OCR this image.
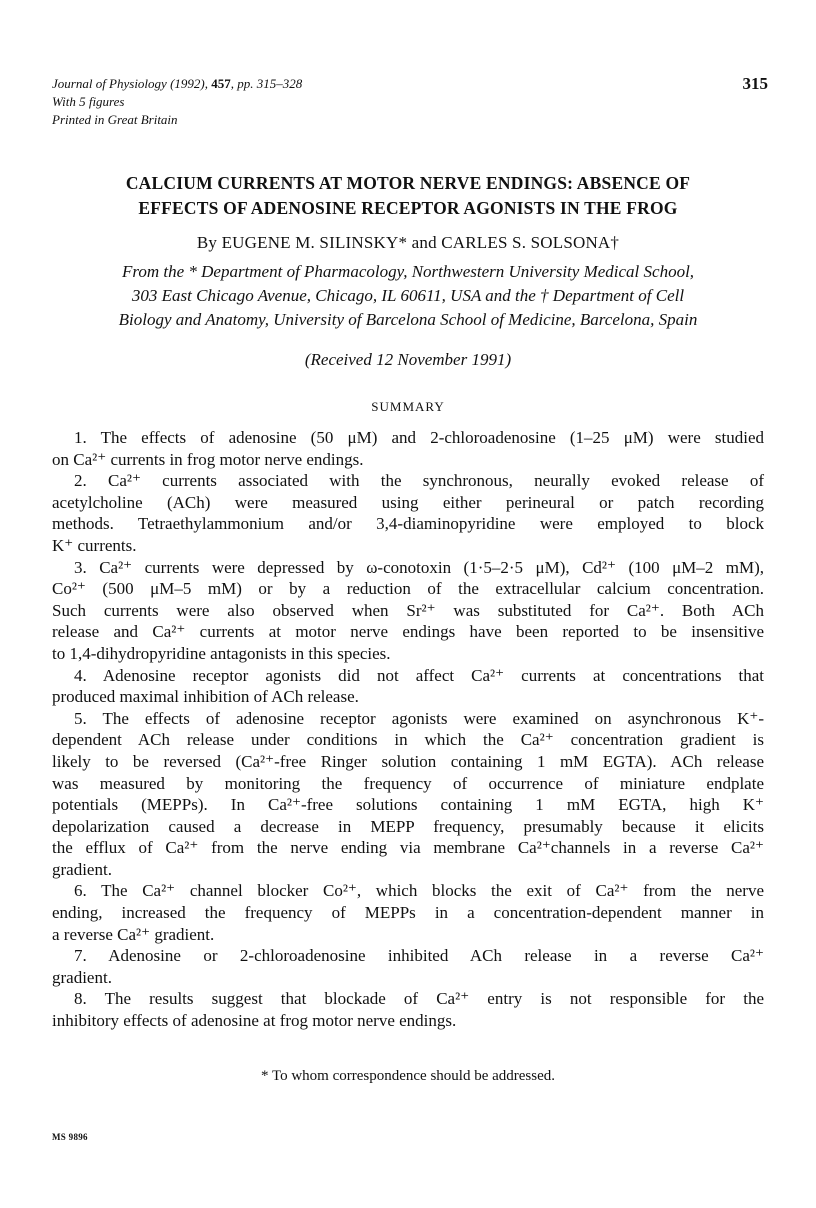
Journal of Physiology (1992), 457, pp. 315–328
With 5 figures
Printed in Great Britain
315
CALCIUM CURRENTS AT MOTOR NERVE ENDINGS: ABSENCE OF
EFFECTS OF ADENOSINE RECEPTOR AGONISTS IN THE FROG
By EUGENE M. SILINSKY* and CARLES S. SOLSONA†
From the * Department of Pharmacology, Northwestern University Medical School,
303 East Chicago Avenue, Chicago, IL 60611, USA and the † Department of Cell
Biology and Anatomy, University of Barcelona School of Medicine, Barcelona, Spain
(Received 12 November 1991)
SUMMARY
1. The effects of adenosine (50 μM) and 2-chloroadenosine (1–25 μM) were studied
on Ca²⁺ currents in frog motor nerve endings.
2. Ca²⁺ currents associated with the synchronous, neurally evoked release of
acetylcholine (ACh) were measured using either perineural or patch recording
methods. Tetraethylammonium and/or 3,4-diaminopyridine were employed to block
K⁺ currents.
3. Ca²⁺ currents were depressed by ω-conotoxin (1·5–2·5 μM), Cd²⁺ (100 μM–2 mM),
Co²⁺ (500 μM–5 mM) or by a reduction of the extracellular calcium concentration.
Such currents were also observed when Sr²⁺ was substituted for Ca²⁺. Both ACh
release and Ca²⁺ currents at motor nerve endings have been reported to be insensitive
to 1,4-dihydropyridine antagonists in this species.
4. Adenosine receptor agonists did not affect Ca²⁺ currents at concentrations that
produced maximal inhibition of ACh release.
5. The effects of adenosine receptor agonists were examined on asynchronous K⁺-
dependent ACh release under conditions in which the Ca²⁺ concentration gradient is
likely to be reversed (Ca²⁺-free Ringer solution containing 1 mM EGTA). ACh release
was measured by monitoring the frequency of occurrence of miniature endplate
potentials (MEPPs). In Ca²⁺-free solutions containing 1 mM EGTA, high K⁺
depolarization caused a decrease in MEPP frequency, presumably because it elicits
the efflux of Ca²⁺ from the nerve ending via membrane Ca²⁺channels in a reverse Ca²⁺
gradient.
6. The Ca²⁺ channel blocker Co²⁺, which blocks the exit of Ca²⁺ from the nerve
ending, increased the frequency of MEPPs in a concentration-dependent manner in
a reverse Ca²⁺ gradient.
7. Adenosine or 2-chloroadenosine inhibited ACh release in a reverse Ca²⁺
gradient.
8. The results suggest that blockade of Ca²⁺ entry is not responsible for the
inhibitory effects of adenosine at frog motor nerve endings.
* To whom correspondence should be addressed.
MS 9896
